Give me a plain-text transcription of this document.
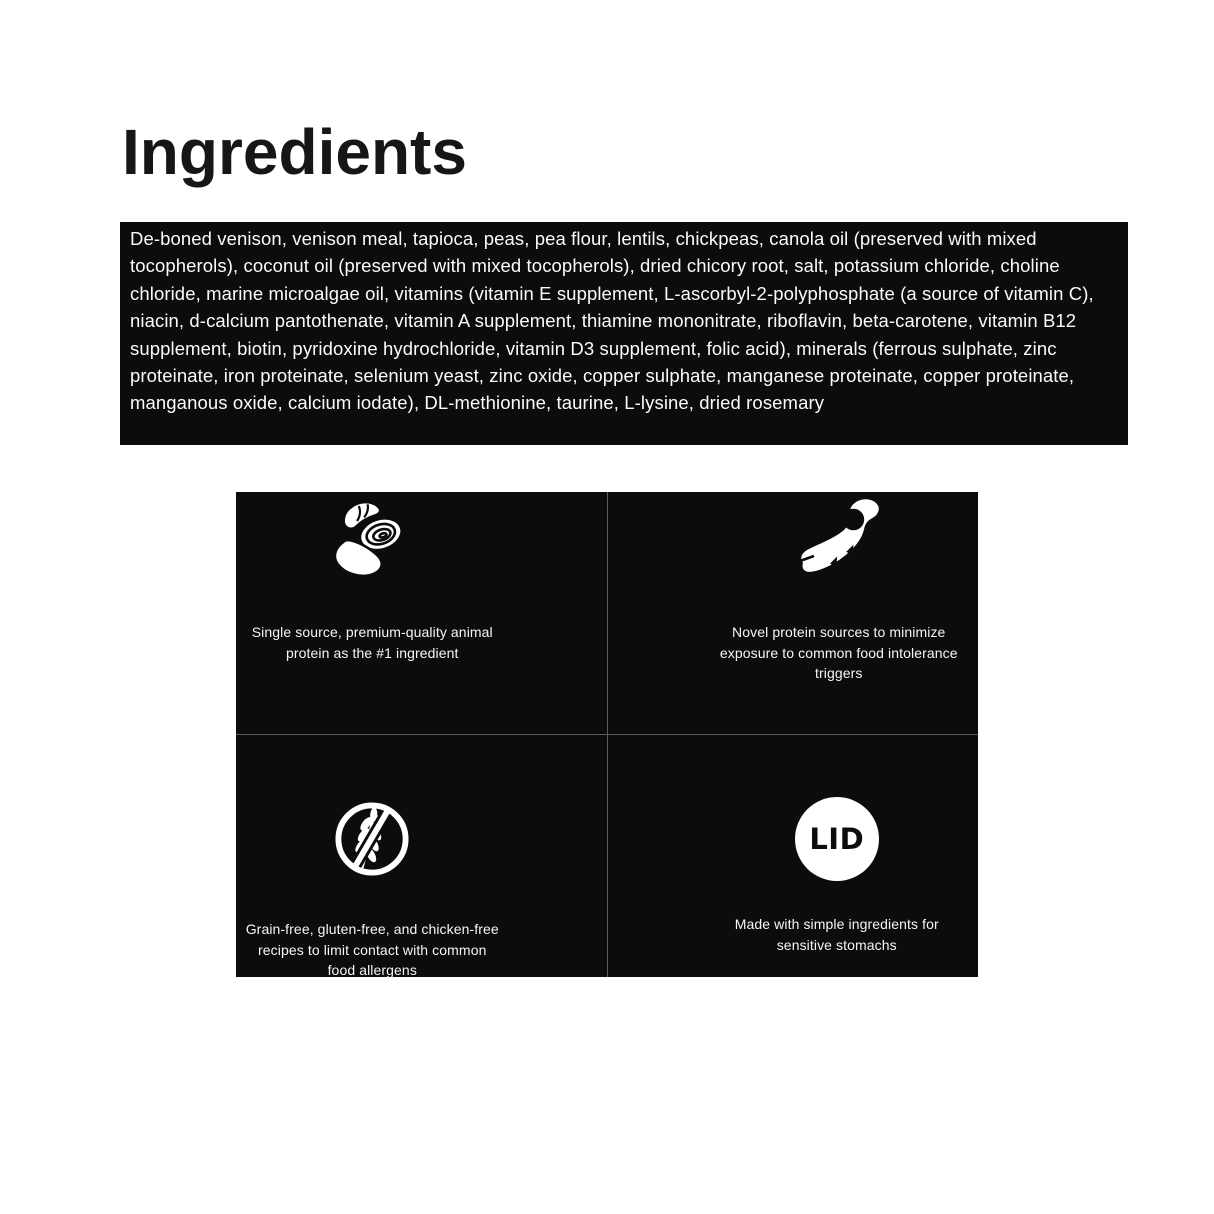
Ingredients

De-boned venison, venison meal, tapioca, peas, pea flour, lentils, chickpeas, canola oil (preserved with mixed tocopherols), coconut oil (preserved with mixed tocopherols), dried chicory root, salt, potassium chloride, choline chloride, marine microalgae oil, vitamins (vitamin E supplement, L-ascorbyl-2-polyphosphate (a source of vitamin C), niacin, d-calcium pantothenate, vitamin A supplement, thiamine mononitrate, riboflavin, beta-carotene, vitamin B12 supplement, biotin, pyridoxine hydrochloride, vitamin D3 supplement, folic acid), minerals (ferrous sulphate, zinc proteinate, iron proteinate, selenium yeast, zinc oxide, copper sulphate, manganese proteinate, copper proteinate, manganous oxide, calcium iodate), DL-methionine, taurine, L-lysine, dried rosemary

Single source, premium-quality animal protein as the #1 ingredient

Novel protein sources to minimize exposure to common food intolerance triggers

Grain-free, gluten-free, and chicken-free recipes to limit contact with common food allergens

LID

Made with simple ingredients for sensitive stomachs
